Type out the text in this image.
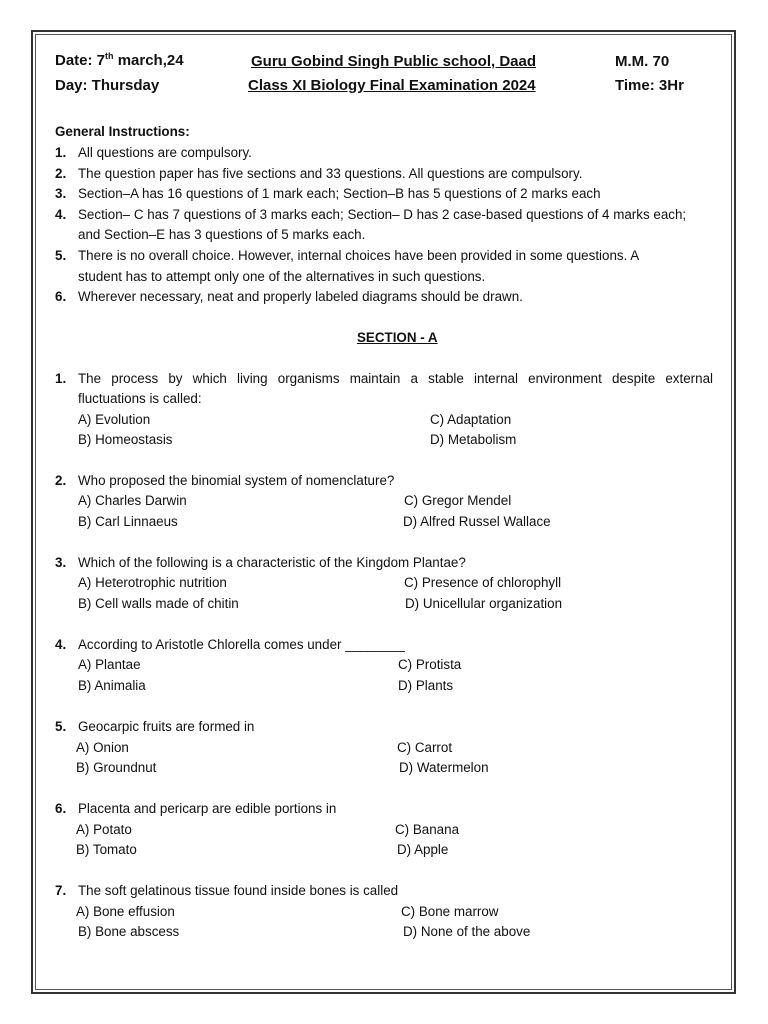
Date: 7th march,24
Day: Thursday
Guru Gobind Singh Public school, Daad
Class XI Biology Final Examination 2024
M.M. 70
Time: 3Hr
General Instructions:
1. All questions are compulsory.
2. The question paper has five sections and 33 questions. All questions are compulsory.
3. Section–A has 16 questions of 1 mark each; Section–B has 5 questions of 2 marks each
4. Section– C has 7 questions of 3 marks each; Section– D has 2 case-based questions of 4 marks each;
and Section–E has 3 questions of 5 marks each.
5. There is no overall choice. However, internal choices have been provided in some questions. A
student has to attempt only one of the alternatives in such questions.
6. Wherever necessary, neat and properly labeled diagrams should be drawn.
SECTION - A
1. The process by which living organisms maintain a stable internal environment despite external
fluctuations is called:
A) Evolution	C) Adaptation
B) Homeostasis	D) Metabolism
2. Who proposed the binomial system of nomenclature?
A) Charles Darwin	C) Gregor Mendel
B) Carl Linnaeus	D) Alfred Russel Wallace
3. Which of the following is a characteristic of the Kingdom Plantae?
A) Heterotrophic nutrition	C) Presence of chlorophyll
B) Cell walls made of chitin	D) Unicellular organization
4. According to Aristotle Chlorella comes under ________
A) Plantae	C) Protista
B) Animalia	D) Plants
5. Geocarpic fruits are formed in
A) Onion	C) Carrot
B) Groundnut	D) Watermelon
6. Placenta and pericarp are edible portions in
A) Potato	C) Banana
B) Tomato	D) Apple
7. The soft gelatinous tissue found inside bones is called
A) Bone effusion	C) Bone marrow
B) Bone abscess	D) None of the above
